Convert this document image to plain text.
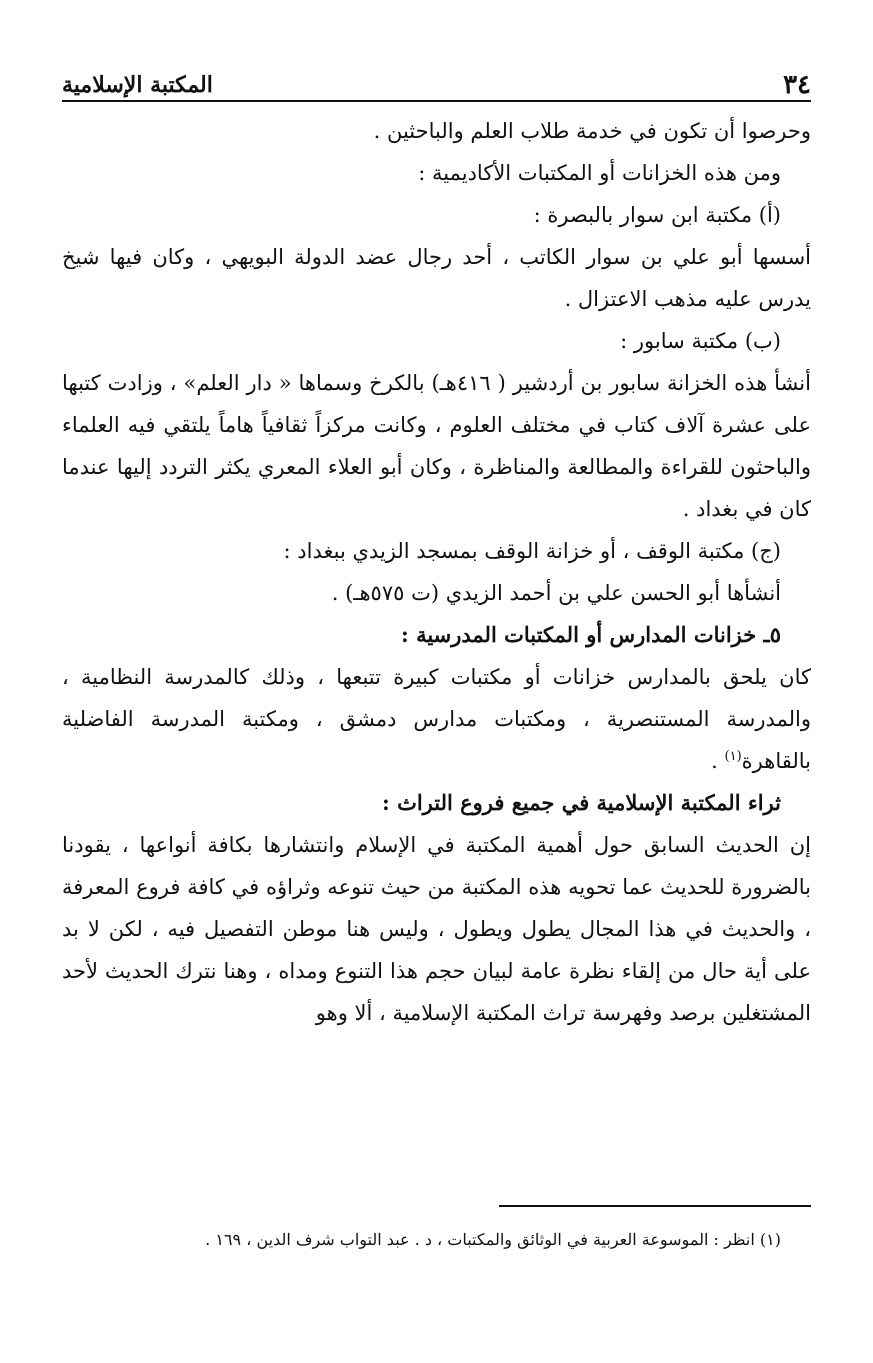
٣٤
المكتبة الإسلامية

وحرصوا أن تكون في خدمة طلاب العلم والباحثين .

ومن هذه الخزانات أو المكتبات الأكاديمية :

(أ) مكتبة ابن سوار بالبصرة :

أسسها أبو علي بن سوار الكاتب ، أحد رجال عضد الدولة البويهي ، وكان فيها شيخ يدرس عليه مذهب الاعتزال .

(ب) مكتبة سابور :

أنشأ هذه الخزانة سابور بن أردشير ( ٤١٦هـ) بالكرخ وسماها « دار العلم» ، وزادت كتبها على عشرة آلاف كتاب في مختلف العلوم ، وكانت مركزاً ثقافياً هاماً يلتقي فيه العلماء والباحثون للقراءة والمطالعة والمناظرة ، وكان أبو العلاء المعري يكثر التردد إليها عندما كان في بغداد .

(ج) مكتبة الوقف ، أو خزانة الوقف بمسجد الزيدي ببغداد :

أنشأها أبو الحسن علي بن أحمد الزيدي (ت ٥٧٥هـ) .

٥ـ خزانات المدارس أو المكتبات المدرسية :

كان يلحق بالمدارس خزانات أو مكتبات كبيرة تتبعها ، وذلك كالمدرسة النظامية ، والمدرسة المستنصرية ، ومكتبات مدارس دمشق ، ومكتبة المدرسة الفاضلية بالقاهرة$^{(١)}$ .

ثراء المكتبة الإسلامية في جميع فروع التراث :

إن الحديث السابق حول أهمية المكتبة في الإسلام وانتشارها بكافة أنواعها ، يقودنا بالضرورة للحديث عما تحويه هذه المكتبة من حيث تنوعه وثراؤه في كافة فروع المعرفة ، والحديث في هذا المجال يطول ويطول ، وليس هنا موطن التفصيل فيه ، لكن لا بد على أية حال من إلقاء نظرة عامة لبيان حجم هذا التنوع ومداه ، وهنا نترك الحديث لأحد المشتغلين برصد وفهرسة تراث المكتبة الإسلامية ، ألا وهو

(١) انظر : الموسوعة العربية في الوثائق والمكتبات ، د . عبد التواب شرف الدين ، ١٦٩ .
